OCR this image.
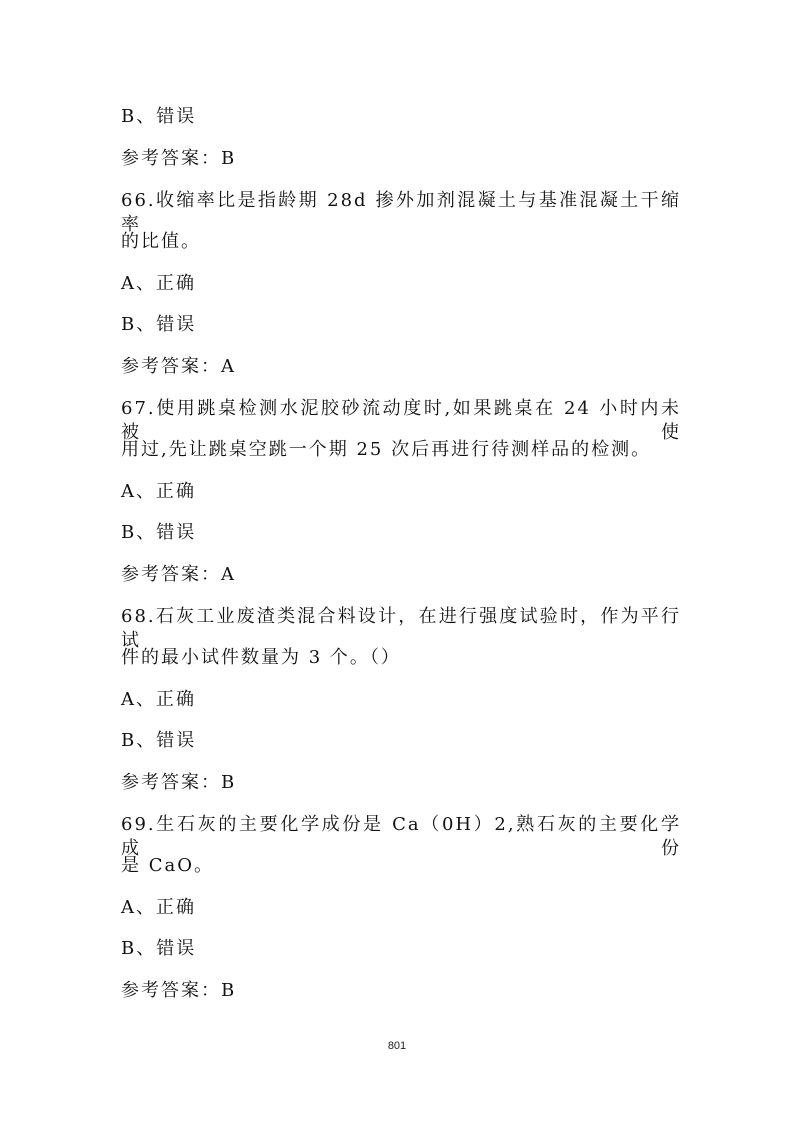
B、错误
参考答案：B
66.收缩率比是指龄期 28d 掺外加剂混凝土与基准混凝土干缩率
的比值。
A、正确
B、错误
参考答案：A
67.使用跳桌检测水泥胶砂流动度时,如果跳桌在 24 小时内未被使
用过,先让跳桌空跳一个期 25 次后再进行待测样品的检测。
A、正确
B、错误
参考答案：A
68.石灰工业废渣类混合料设计，在进行强度试验时，作为平行试
件的最小试件数量为 3 个。（）
A、正确
B、错误
参考答案：B
69.生石灰的主要化学成份是 Ca（0H）2,熟石灰的主要化学成份
是 CaO。
A、正确
B、错误
参考答案：B
801
